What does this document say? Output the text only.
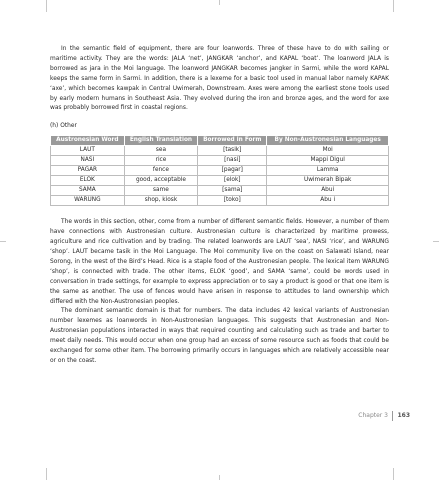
In the semantic field of equipment, there are four loanwords. Three of these have to do with sailing or maritime activity. They are the words: JALA ‘net’, JANGKAR ‘anchor’, and KAPAL ‘boat’. The loanword JALA is borrowed as jara in the Moi language. The loanword JANGKAR becomes jangker in Sarmi, while the word KAPAL keeps the same form in Sarmi. In addition, there is a lexeme for a basic tool used in manual labor namely KAPAK ‘axe’, which becomes kawpak in Central Uwimerah, Downstream. Axes were among the earliest stone tools used by early modern humans in Southeast Asia. They evolved during the iron and bronze ages, and the word for axe was probably borrowed first in coastal regions.

(h) Other

Austronesian Word	English Translation	Borrowed in Form	By Non-Austronesian Languages
LAUT	sea	[tasik]	Moi
NASI	rice	[nasi]	Mappi Digul
PAGAR	fence	[pagar]	Lamma
ELOK	good, acceptable	[elok]	Uwimerah Bipak
SAMA	same	[sama]	Abui
WARUNG	shop, kiosk	[toko]	Abu i

The words in this section, other, come from a number of different semantic fields. However, a number of them have connections with Austronesian culture. Austronesian culture is characterized by maritime prowess, agriculture and rice cultivation and by trading. The related loanwords are LAUT ‘sea’, NASI ‘rice’, and WARUNG ‘shop’. LAUT became tasik in the Moi Language. The Moi community live on the coast on Salawati Island, near Sorong, in the west of the Bird’s Head. Rice is a staple food of the Austronesian people. The lexical item WARUNG ‘shop’, is connected with trade. The other items, ELOK ‘good’, and SAMA ‘same’, could be words used in conversation in trade settings, for example to express appreciation or to say a product is good or that one item is the same as another. The use of fences would have arisen in response to attitudes to land ownership which differed with the Non-Austronesian peoples.

The dominant semantic domain is that for numbers. The data includes 42 lexical variants of Austronesian number lexemes as loanwords in Non-Austronesian languages. This suggests that Austronesian and Non-Austronesian populations interacted in ways that required counting and calculating such as trade and barter to meet daily needs. This would occur when one group had an excess of some resource such as foods that could be exchanged for some other item. The borrowing primarily occurs in languages which are relatively accessible near or on the coast.

Chapter 3 163
